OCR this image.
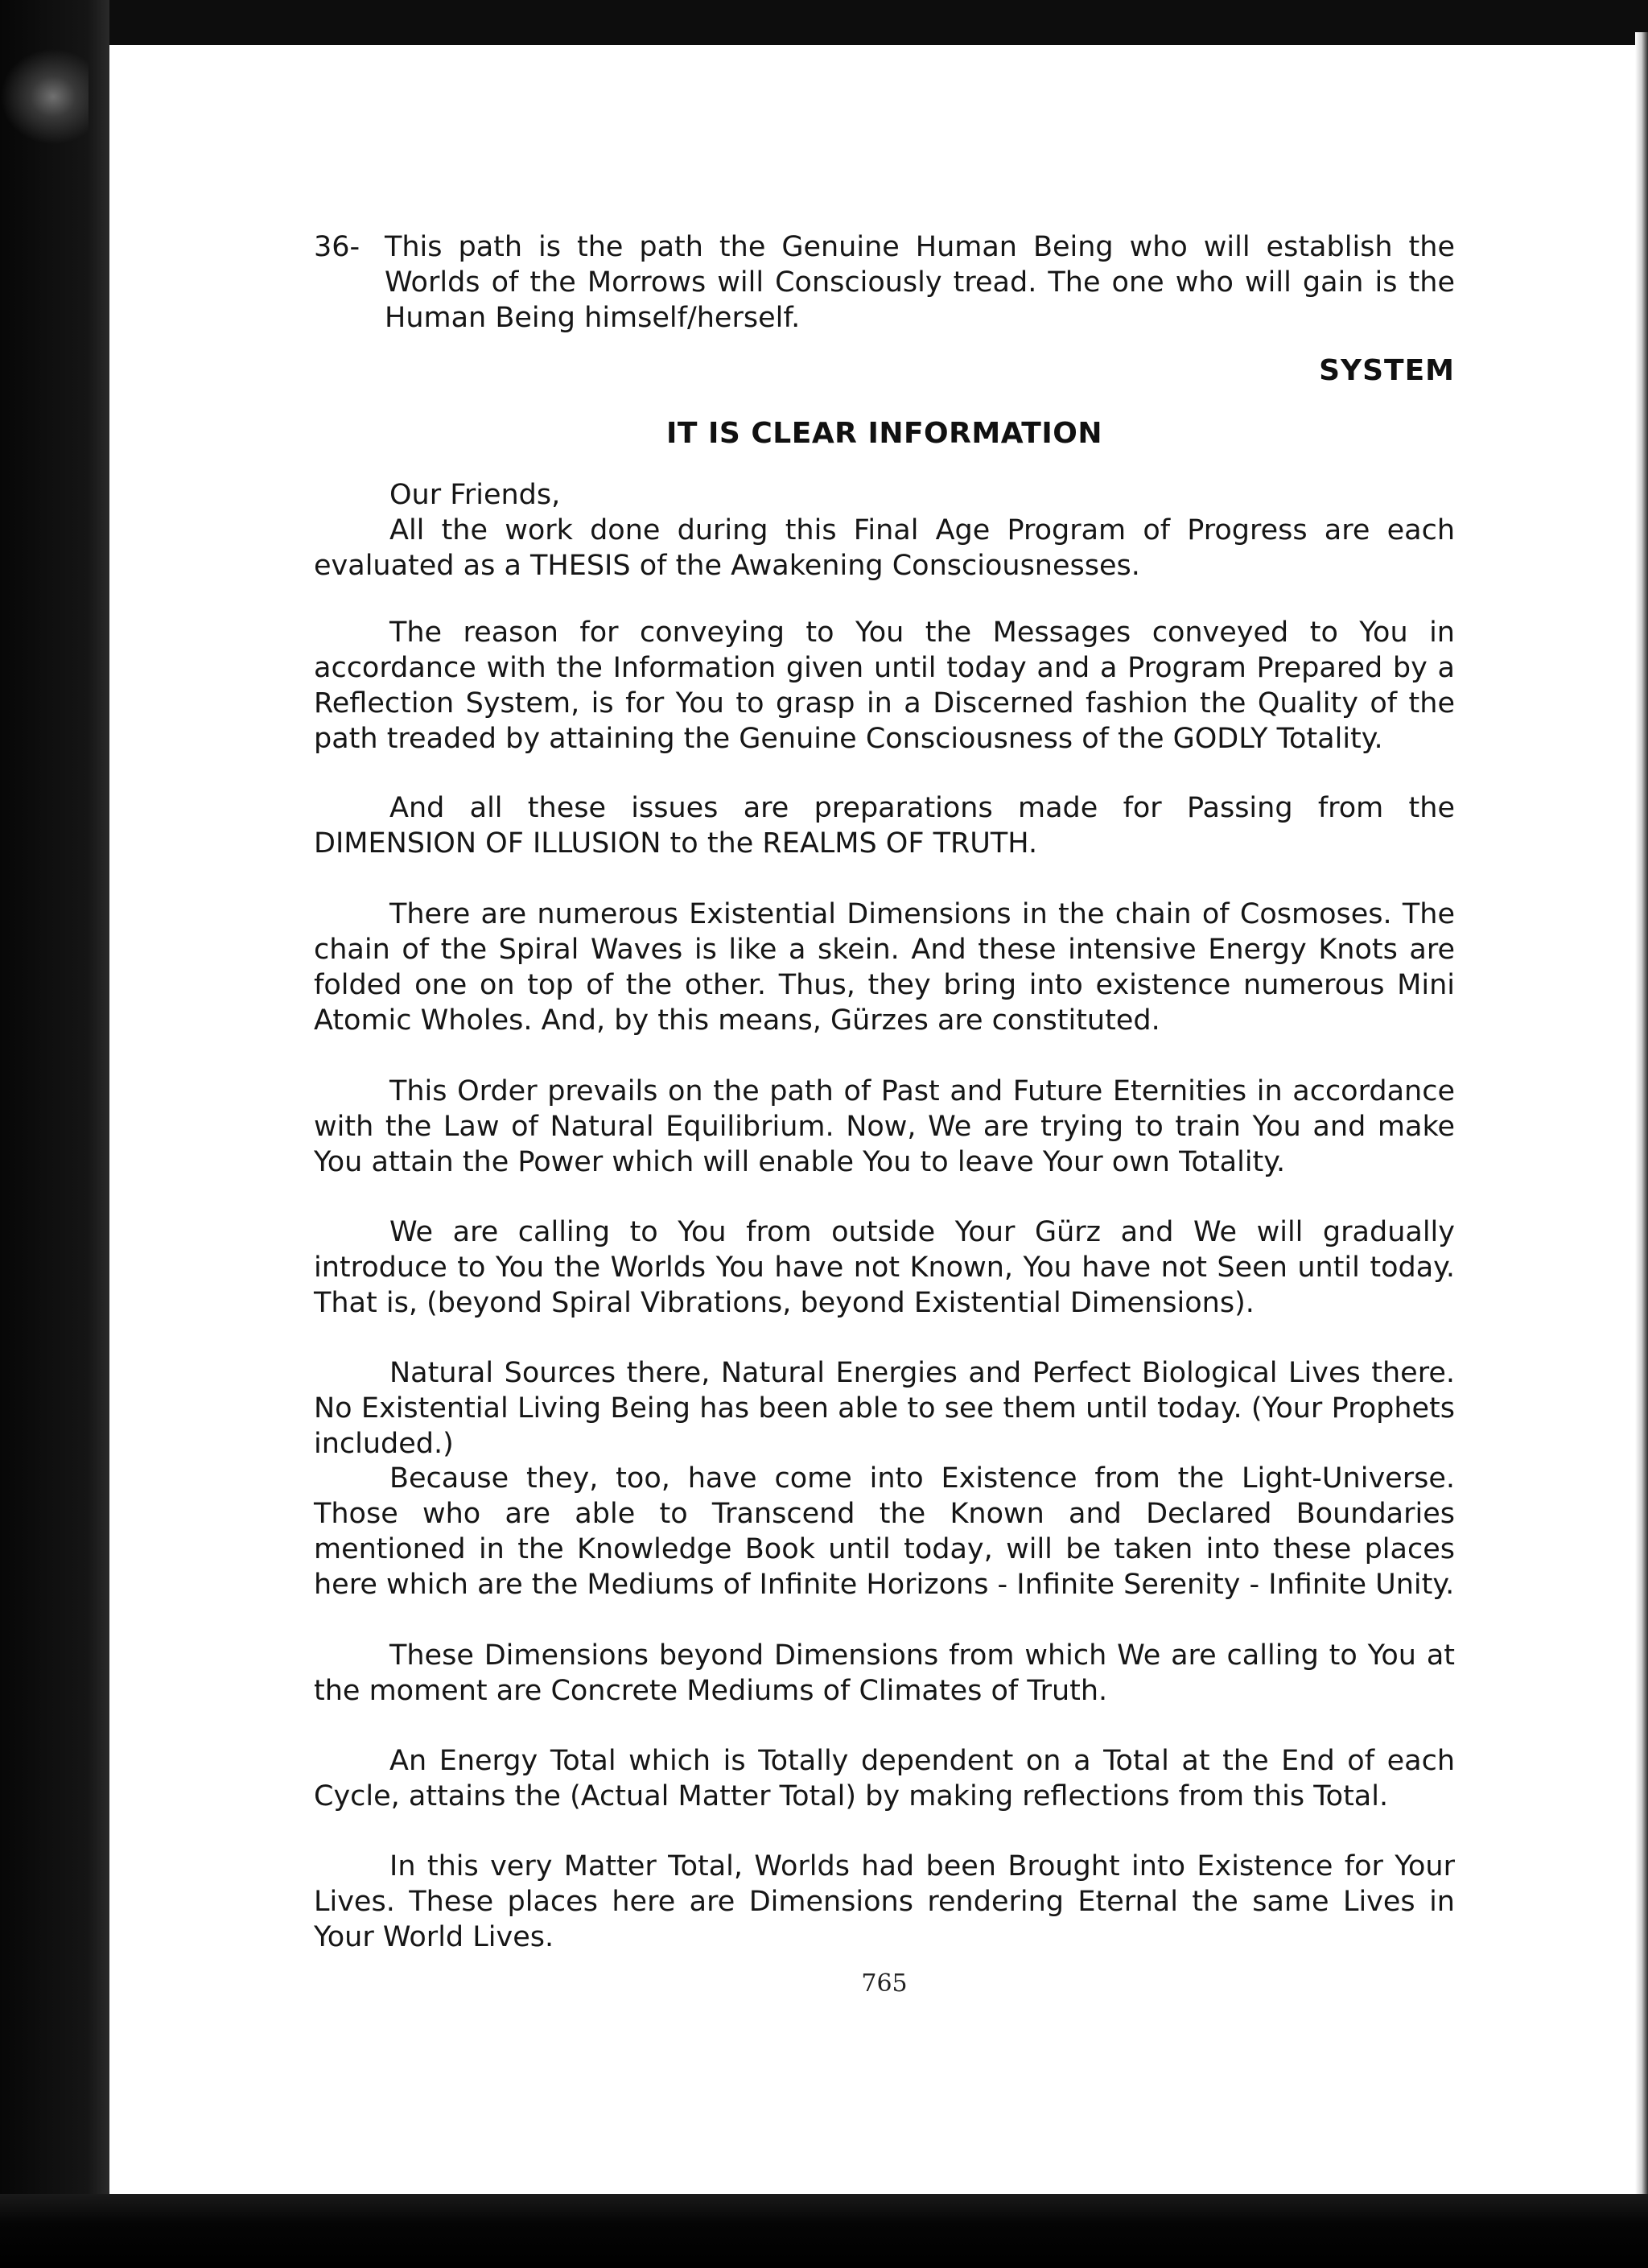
36- This path is the path the Genuine Human Being who will establish the Worlds of the Morrows will Consciously tread. The one who will gain is the Human Being himself/herself.
SYSTEM
IT IS CLEAR INFORMATION
Our Friends,
All the work done during this Final Age Program of Progress are each evaluated as a THESIS of the Awakening Consciousnesses.
The reason for conveying to You the Messages conveyed to You in accordance with the Information given until today and a Program Prepared by a Reflection System, is for You to grasp in a Discerned fashion the Quality of the path treaded by attaining the Genuine Consciousness of the GODLY Totality.
And all these issues are preparations made for Passing from the DIMENSION OF ILLUSION to the REALMS OF TRUTH.
There are numerous Existential Dimensions in the chain of Cosmoses. The chain of the Spiral Waves is like a skein. And these intensive Energy Knots are folded one on top of the other. Thus, they bring into existence numerous Mini Atomic Wholes. And, by this means, Gürzes are constituted.
This Order prevails on the path of Past and Future Eternities in accordance with the Law of Natural Equilibrium. Now, We are trying to train You and make You attain the Power which will enable You to leave Your own Totality.
We are calling to You from outside Your Gürz and We will gradually introduce to You the Worlds You have not Known, You have not Seen until today. That is, (beyond Spiral Vibrations, beyond Existential Dimensions).
Natural Sources there, Natural Energies and Perfect Biological Lives there. No Existential Living Being has been able to see them until today. (Your Prophets included.)
Because they, too, have come into Existence from the Light-Universe. Those who are able to Transcend the Known and Declared Boundaries mentioned in the Knowledge Book until today, will be taken into these places here which are the Mediums of Infinite Horizons - Infinite Serenity - Infinite Unity.
These Dimensions beyond Dimensions from which We are calling to You at the moment are Concrete Mediums of Climates of Truth.
An Energy Total which is Totally dependent on a Total at the End of each Cycle, attains the (Actual Matter Total) by making reflections from this Total.
In this very Matter Total, Worlds had been Brought into Existence for Your Lives. These places here are Dimensions rendering Eternal the same Lives in Your World Lives.
765
